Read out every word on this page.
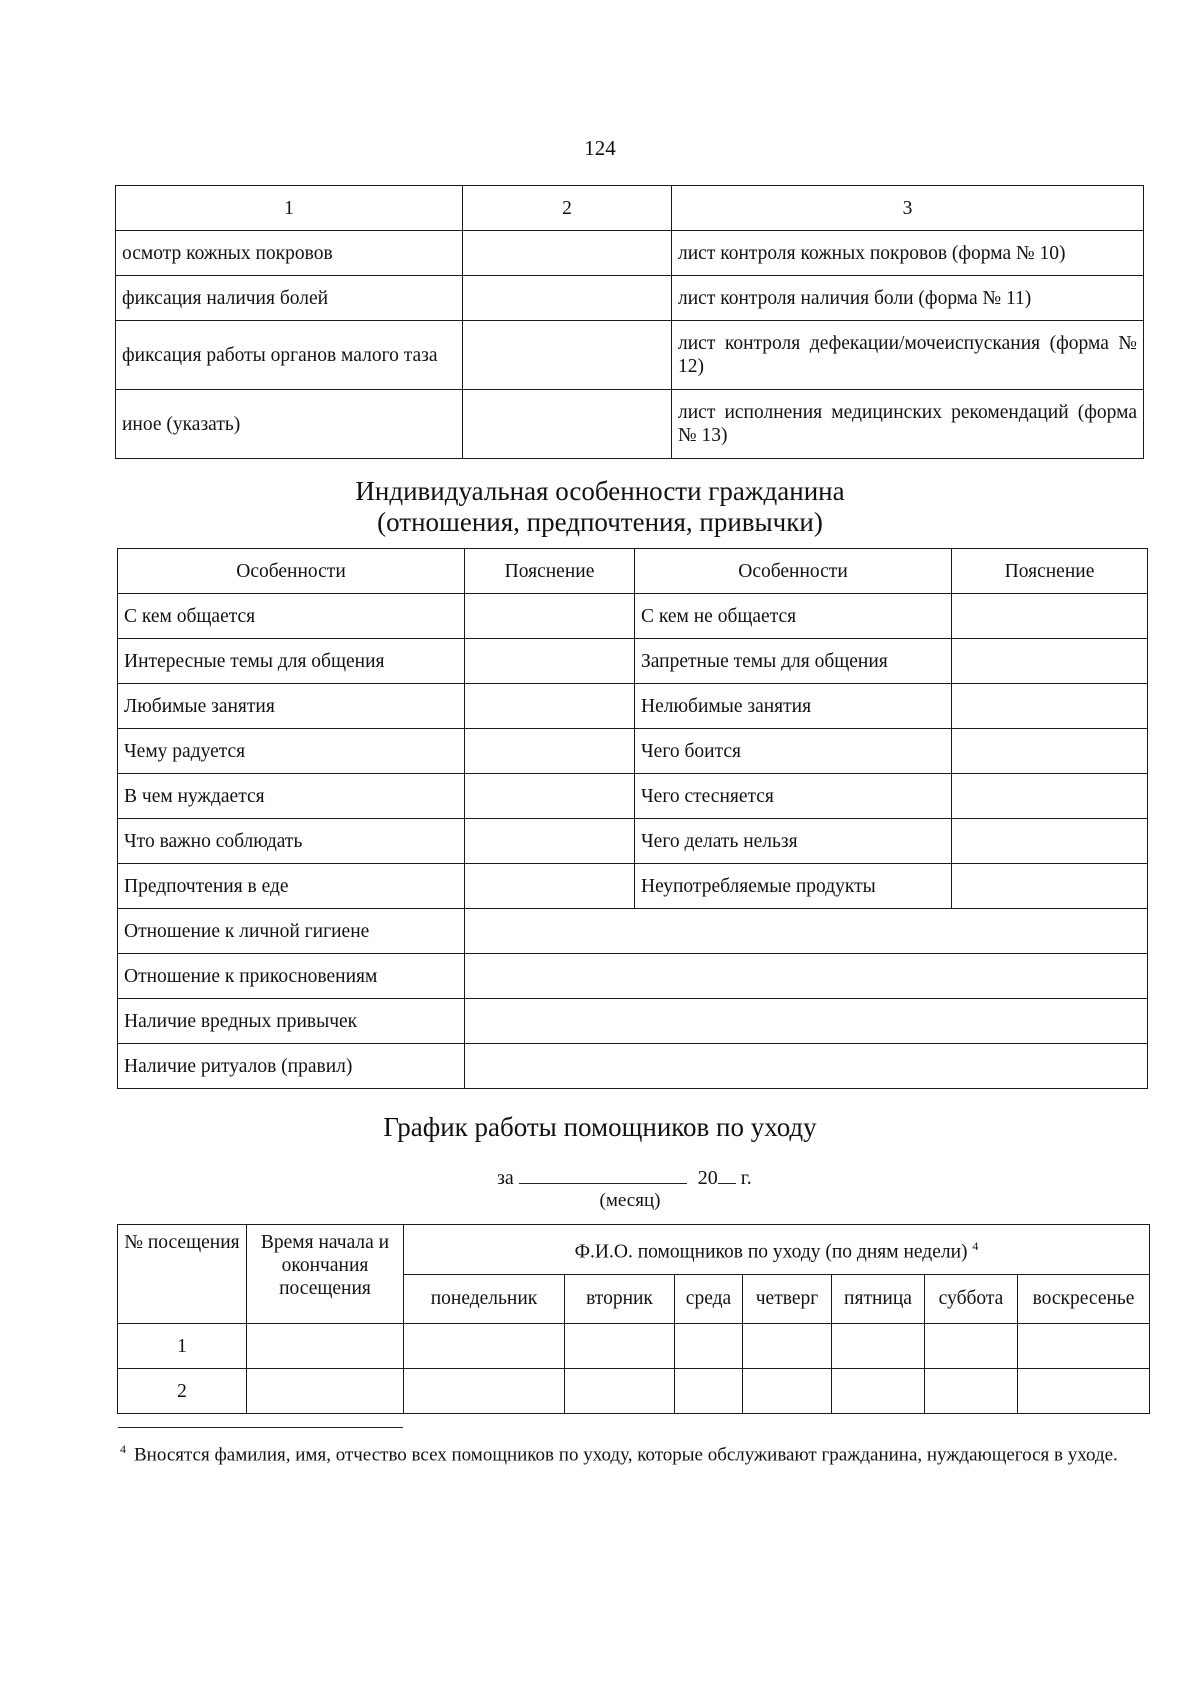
124
1	2	3
осмотр кожных покровов		лист контроля кожных покровов (форма № 10)
фиксация наличия болей		лист контроля наличия боли (форма № 11)

фиксация работы органов малого таза		лист контроля дефекации/мочеиспускания (форма № 12)

иное (указать)		лист исполнения медицинских рекомендаций (форма № 13)
Индивидуальная особенности гражданина
(отношения, предпочтения, привычки)
Особенности	Пояснение	Особенности	Пояснение
С кем общается		С кем не общается	
Интересные темы для общения		Запретные темы для общения	
Любимые занятия		Нелюбимые занятия	
Чему радуется		Чего боится	
В чем нуждается		Чего стесняется	
Что важно соблюдать		Чего делать нельзя	
Предпочтения в еде		Неупотребляемые продукты	
Отношение к личной гигиене			
Отношение к прикосновениям			
Наличие вредных привычек			
Наличие ритуалов (правил)			
График работы помощников по уходу
за	20 г.
(месяц)
№ посещения	Время начала и окончания посещения	Ф.И.О. помощников по уходу (по дням недели) $^4$
		понедельник	вторник	среда	четверг	пятница	суббота	воскресенье
1								
2								
$^4$ Вносятся фамилия, имя, отчество всех помощников по уходу, которые обслуживают гражданина, нуждающегося в уходе.
